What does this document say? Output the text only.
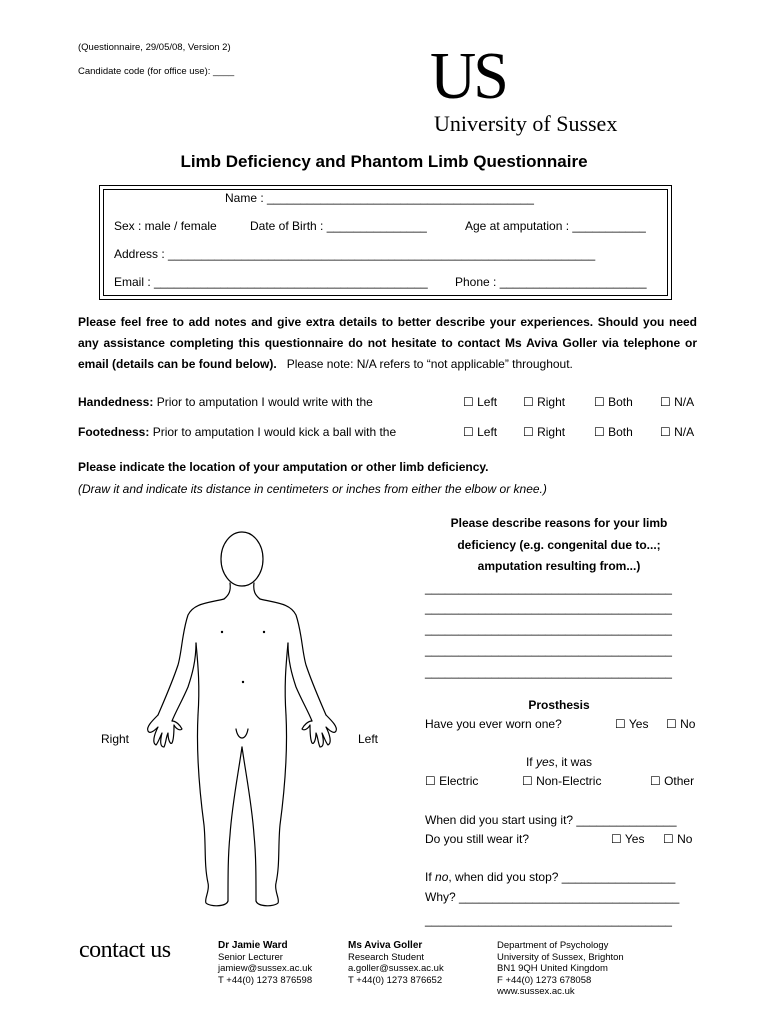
(Questionnaire, 29/05/08, Version 2)
Candidate code (for office use): ____	US
University of Sussex
Limb Deficiency and Phantom Limb Questionnaire
Name : ________________________________________
Sex : male / female	Date of Birth : _______________	Age at amputation : ___________
Address : ________________________________________________________________
Email : _________________________________________ Phone : ______________________
Please feel free to add notes and give extra details to better describe your experiences. Should you need any assistance completing this questionnaire do not hesitate to contact Ms Aviva Goller via telephone or email (details can be found below). Please note: N/A refers to “not applicable” throughout.
Handedness: Prior to amputation I would write with the	☐ Left ☐ Right ☐ Both ☐ N/A
Footedness: Prior to amputation I would kick a ball with the	☐ Left ☐ Right ☐ Both ☐ N/A
Please indicate the location of your amputation or other limb deficiency.
(Draw it and indicate its distance in centimeters or inches from either the elbow or knee.)
Right	Left
Please describe reasons for your limb
deficiency (e.g. congenital due to...;
amputation resulting from...)
_____________________________________
_____________________________________
_____________________________________
_____________________________________
_____________________________________
Prosthesis
Have you ever worn one?	☐ Yes ☐ No
If yes, it was
☐ Electric	☐ Non-Electric	☐ Other
When did you start using it? _______________
Do you still wear it?	☐ Yes ☐ No
If no, when did you stop? _________________
Why? _________________________________
_____________________________________
contact us	Dr Jamie Ward
Senior Lecturer
jamiew@sussex.ac.uk
T +44(0) 1273 876598
Ms Aviva Goller
Research Student
a.goller@sussex.ac.uk
T +44(0) 1273 876652
Department of Psychology
University of Sussex, Brighton
BN1 9QH United Kingdom
F +44(0) 1273 678058
www.sussex.ac.uk
